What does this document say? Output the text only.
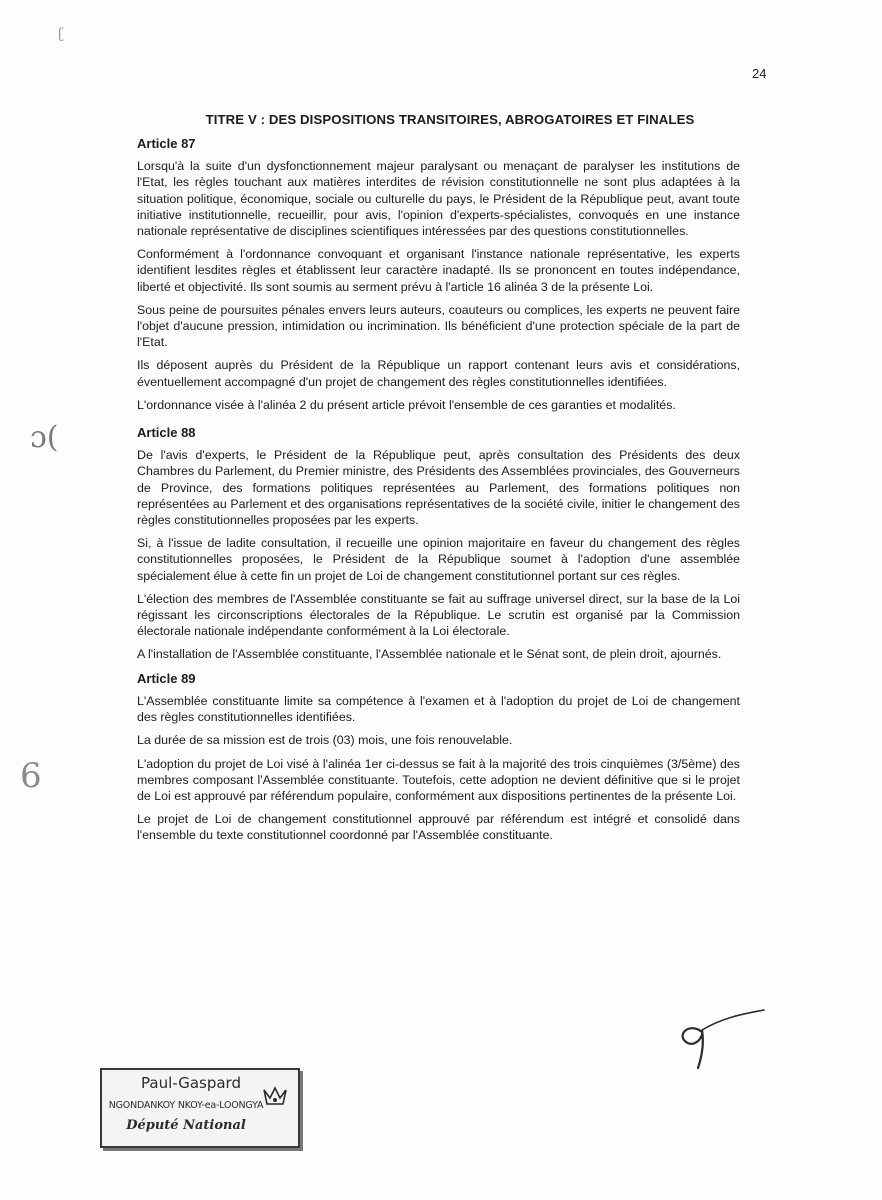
ʗ
ɔ(
6
24
TITRE V : DES DISPOSITIONS TRANSITOIRES, ABROGATOIRES ET FINALES
Article 87

Lorsqu'à la suite d'un dysfonctionnement majeur paralysant ou menaçant de paralyser les institutions de l'Etat, les règles touchant aux matières interdites de révision constitutionnelle ne sont plus adaptées à la situation politique, économique, sociale ou culturelle du pays, le Président de la République peut, avant toute initiative institutionnelle, recueillir, pour avis, l'opinion d'experts-spécialistes, convoqués en une instance nationale représentative de disciplines scientifiques intéressées par des questions constitutionnelles.

Conformément à l'ordonnance convoquant et organisant l'instance nationale représentative, les experts identifient lesdites règles et établissent leur caractère inadapté. Ils se prononcent en toutes indépendance, liberté et objectivité. Ils sont soumis au serment prévu à l'article 16 alinéa 3 de la présente Loi.

Sous peine de poursuites pénales envers leurs auteurs, coauteurs ou complices, les experts ne peuvent faire l'objet d'aucune pression, intimidation ou incrimination. Ils bénéficient d'une protection spéciale de la part de l'Etat.

Ils déposent auprès du Président de la République un rapport contenant leurs avis et considérations, éventuellement accompagné d'un projet de changement des règles constitutionnelles identifiées.

L'ordonnance visée à l'alinéa 2 du présent article prévoit l'ensemble de ces garanties et modalités.

Article 88

De l'avis d'experts, le Président de la République peut, après consultation des Présidents des deux Chambres du Parlement, du Premier ministre, des Présidents des Assemblées provinciales, des Gouverneurs de Province, des formations politiques représentées au Parlement, des formations politiques non représentées au Parlement et des organisations représentatives de la société civile, initier le changement des règles constitutionnelles proposées par les experts.

Si, à l'issue de ladite consultation, il recueille une opinion majoritaire en faveur du changement des règles constitutionnelles proposées, le Président de la République soumet à l'adoption d'une assemblée spécialement élue à cette fin un projet de Loi de changement constitutionnel portant sur ces règles.

L'élection des membres de l'Assemblée constituante se fait au suffrage universel direct, sur la base de la Loi régissant les circonscriptions électorales de la République. Le scrutin est organisé par la Commission électorale nationale indépendante conformément à la Loi électorale.

A l'installation de l'Assemblée constituante, l'Assemblée nationale et le Sénat sont, de plein droit, ajournés.

Article 89

L'Assemblée constituante limite sa compétence à l'examen et à l'adoption du projet de Loi de changement des règles constitutionnelles identifiées.

La durée de sa mission est de trois (03) mois, une fois renouvelable.

L'adoption du projet de Loi visé à l'alinéa 1er ci-dessus se fait à la majorité des trois cinquièmes (3/5ème) des membres composant l'Assemblée constituante. Toutefois, cette adoption ne devient définitive que si le projet de Loi est approuvé par référendum populaire, conformément aux dispositions pertinentes de la présente Loi.

Le projet de Loi de changement constitutionnel approuvé par référendum est intégré et consolidé dans l'ensemble du texte constitutionnel coordonné par l'Assemblée constituante.

Paul-Gaspard
NGONDANKOY NKOY-ea-LOONGYA
Député National
